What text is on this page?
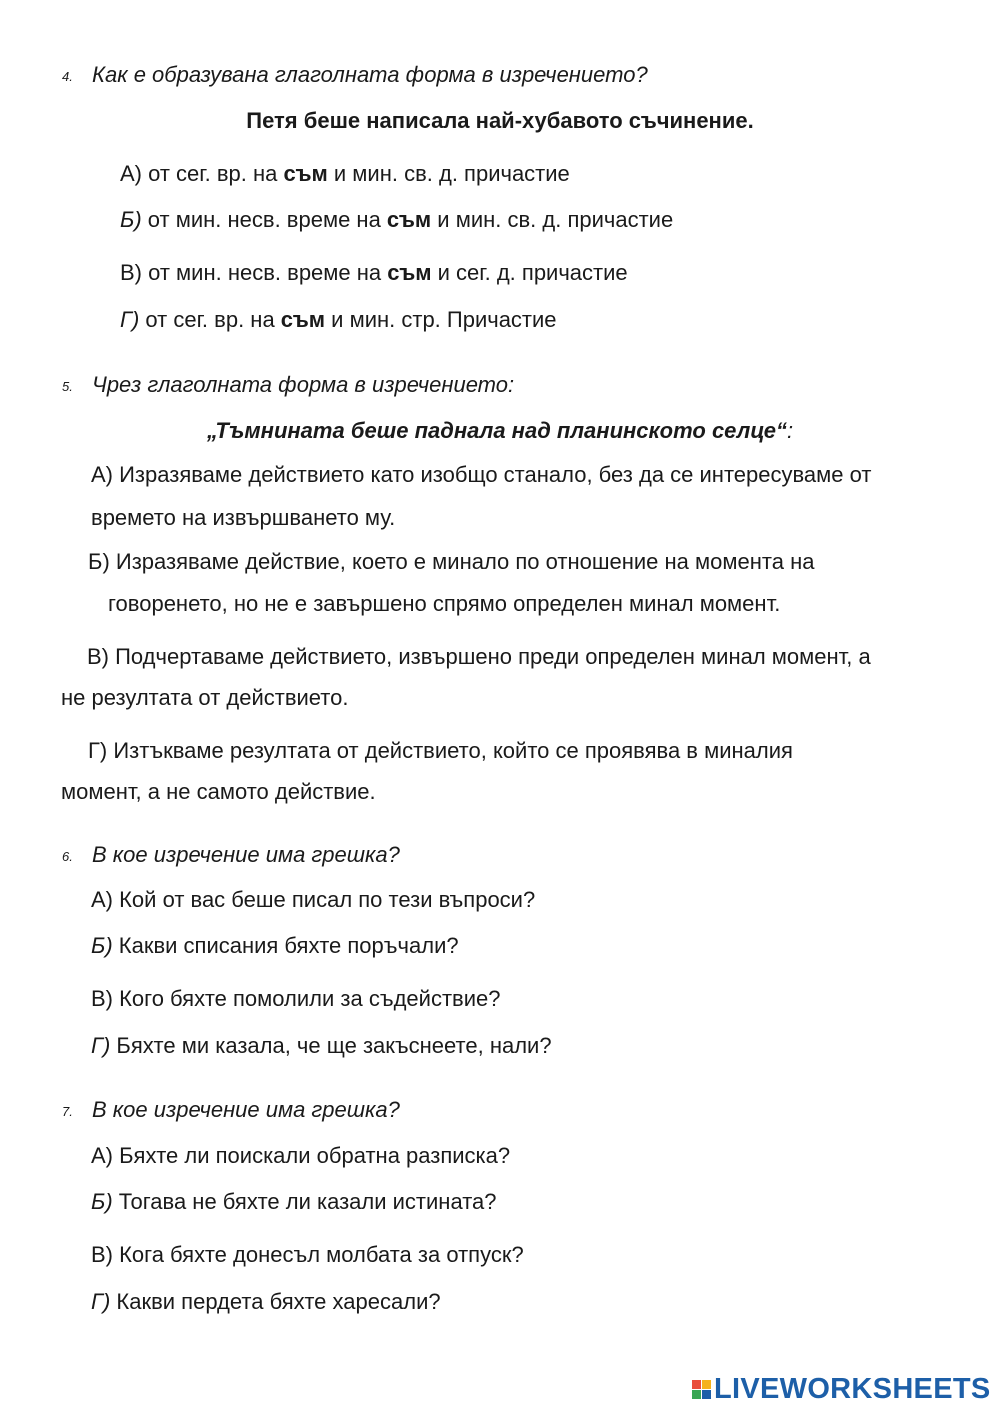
4. Как е образувана глаголната форма в изречението?
Петя беше написала най-хубавото съчинение.
А) от сег. вр. на съм и мин. св. д. причастие
Б) от мин. несв. време на съм и мин. св. д. причастие
В) от мин. несв. време на съм и сег. д. причастие
Г) от сег. вр. на съм и мин. стр. Причастие
5. Чрез глаголната форма в изречението:
„Тъмнината беше паднала над планинското селце“:
А) Изразяваме действието като изобщо станало, без да се интересуваме от
времето на извършването му.
Б) Изразяваме действие, което е минало по отношение на момента на
говоренето, но не е завършено спрямо определен минал момент.
В) Подчертаваме действието, извършено преди определен минал момент, а
не резултата от действието.
Г) Изтъкваме резултата от действието, който се проявява в миналия
момент, а не самото действие.
6. В кое изречение има грешка?
А) Кой от вас беше писал по тези въпроси?
Б) Какви списания бяхте поръчали?
В) Кого бяхте помолили за съдействие?
Г) Бяхте ми казала, че ще закъснеете, нали?
7. В кое изречение има грешка?
А) Бяхте ли поискали обратна разписка?
Б) Тогава не бяхте ли казали истината?
В) Кога бяхте донесъл молбата за отпуск?
Г) Какви пердета бяхте харесали?
LIVEWORKSHEETS
